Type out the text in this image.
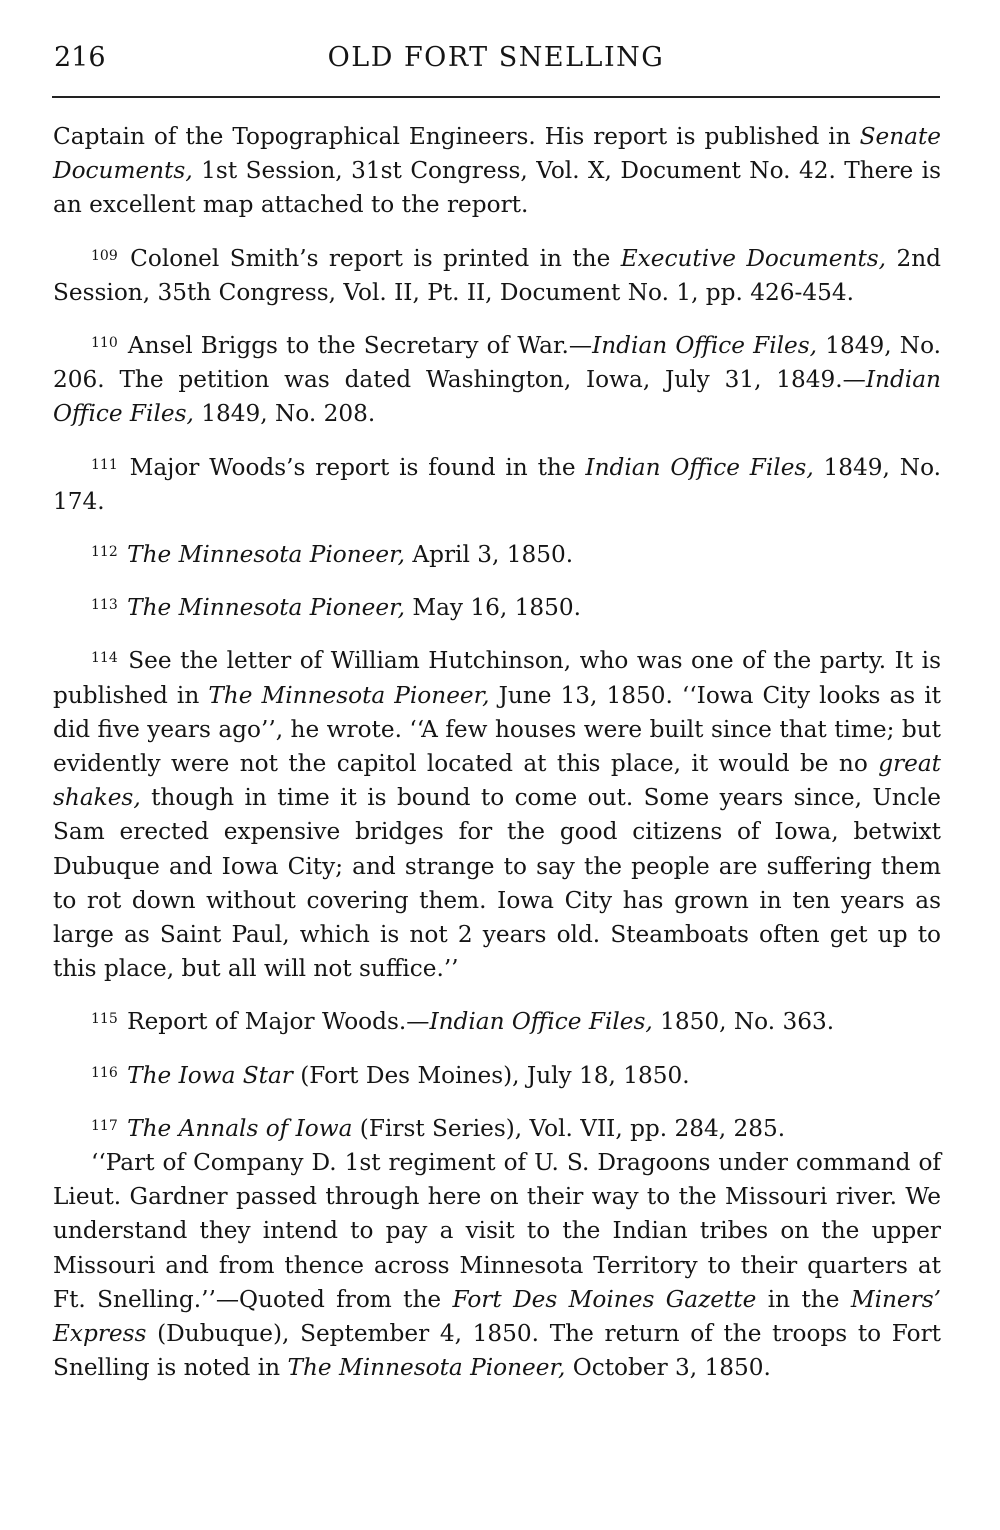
216	OLD FORT SNELLING

Captain of the Topographical Engineers. His report is published in Senate Documents, 1st Session, 31st Congress, Vol. X, Document No. 42. There is an excellent map attached to the report.

$^{109}$ Colonel Smith’s report is printed in the Executive Documents, 2nd Session, 35th Congress, Vol. II, Pt. II, Document No. 1, pp. 426-454.

$^{110}$ Ansel Briggs to the Secretary of War.—Indian Office Files, 1849, No. 206. The petition was dated Washington, Iowa, July 31, 1849.—Indian Office Files, 1849, No. 208.

$^{111}$ Major Woods’s report is found in the Indian Office Files, 1849, No. 174.

$^{112}$ The Minnesota Pioneer, April 3, 1850.

$^{113}$ The Minnesota Pioneer, May 16, 1850.

$^{114}$ See the letter of William Hutchinson, who was one of the party. It is published in The Minnesota Pioneer, June 13, 1850. ‘‘Iowa City looks as it did five years ago’’, he wrote. ‘‘A few houses were built since that time; but evidently were not the capitol located at this place, it would be no great shakes, though in time it is bound to come out. Some years since, Uncle Sam erected expensive bridges for the good citizens of Iowa, betwixt Dubuque and Iowa City; and strange to say the people are suffering them to rot down without covering them. Iowa City has grown in ten years as large as Saint Paul, which is not 2 years old. Steamboats often get up to this place, but all will not suffice.’’

$^{115}$ Report of Major Woods.—Indian Office Files, 1850, No. 363.

$^{116}$ The Iowa Star (Fort Des Moines), July 18, 1850.

$^{117}$ The Annals of Iowa (First Series), Vol. VII, pp. 284, 285.

‘‘Part of Company D. 1st regiment of U. S. Dragoons under command of Lieut. Gardner passed through here on their way to the Missouri river. We understand they intend to pay a visit to the Indian tribes on the upper Missouri and from thence across Minnesota Territory to their quarters at Ft. Snelling.’’—Quoted from the Fort Des Moines Gazette in the Miners’ Express (Dubuque), September 4, 1850. The return of the troops to Fort Snelling is noted in The Minnesota Pioneer, October 3, 1850.
